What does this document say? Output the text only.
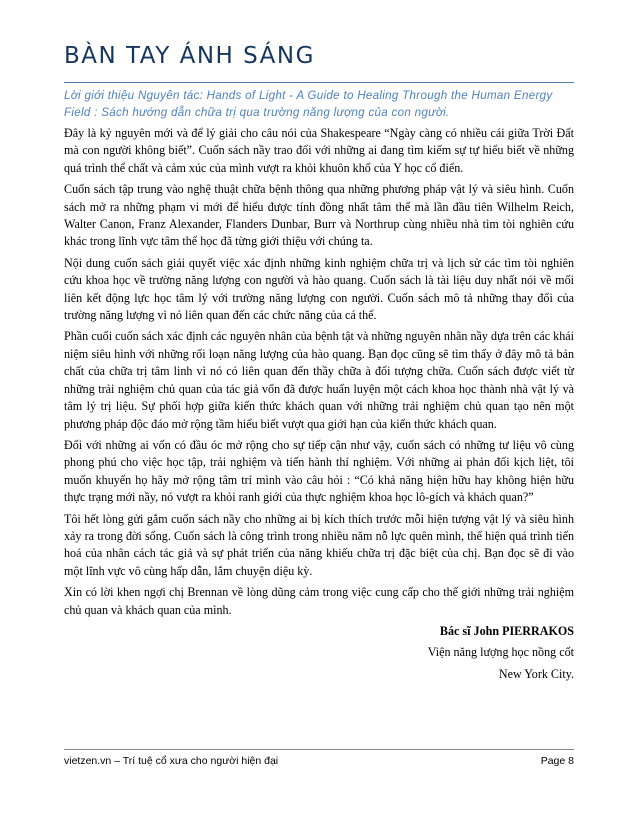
BÀN TAY ÁNH SÁNG
Lời giới thiệu Nguyên tác: Hands of Light - A Guide to Healing Through the Human Energy Field : Sách hướng dẫn chữa trị qua trường năng lượng của con người.

Đây là kỷ nguyên mới và để lý giải cho câu nói của Shakespeare “Ngày càng có nhiều cái giữa Trời Đất mà con người không biết”. Cuốn sách nầy trao đổi với những ai đang tìm kiếm sự tự hiểu biết về những quá trình thể chất và cảm xúc của mình vượt ra khỏi khuôn khổ của Y học cổ điển.

Cuốn sách tập trung vào nghệ thuật chữa bệnh thông qua những phương pháp vật lý và siêu hình. Cuốn sách mở ra những phạm vi mới để hiểu được tính đồng nhất tâm thể mà lần đầu tiên Wilhelm Reich, Walter Canon, Franz Alexander, Flanders Dunbar, Burr và Northrup cùng nhiều nhà tìm tòi nghiên cứu khác trong lĩnh vực tâm thể học đã từng giới thiệu với chúng ta.

Nội dung cuốn sách giải quyết việc xác định những kinh nghiệm chữa trị và lịch sử các tìm tòi nghiên cứu khoa học về trường năng lượng con người và hào quang. Cuốn sách là tài liệu duy nhất nói về mối liên kết động lực học tâm lý với trường năng lượng con người. Cuốn sách mô tả những thay đổi của trường năng lượng vì nó liên quan đến các chức năng của cá thể.

Phần cuối cuốn sách xác định các nguyên nhân của bệnh tật và những nguyên nhân nầy dựa trên các khái niệm siêu hình với những rối loạn năng lượng của hào quang. Bạn đọc cũng sẽ tìm thấy ở đây mô tả bản chất của chữa trị tâm linh vì nó có liên quan đến thầy chữa à đối tượng chữa. Cuốn sách được viết từ những trải nghiệm chủ quan của tác giả vốn đã được huấn luyện một cách khoa học thành nhà vật lý và tâm lý trị liệu. Sự phối hợp giữa kiến thức khách quan với những trải nghiệm chủ quan tạo nên một phương pháp độc đáo mở rộng tầm hiểu biết vượt qua giới hạn của kiến thức khách quan.

Đối với những ai vốn có đầu óc mở rộng cho sự tiếp cận như vậy, cuốn sách có những tư liệu vô cùng phong phú cho việc học tập, trải nghiệm và tiến hành thí nghiệm. Với những ai phản đối kịch liệt, tôi muốn khuyến họ hãy mở rộng tâm trí mình vào câu hỏi : “Có khả năng hiện hữu hay không hiện hữu thực trạng mới nầy, nó vượt ra khỏi ranh giới của thực nghiệm khoa học lô-gích và khách quan?”

Tôi hết lòng gửi gắm cuốn sách nầy cho những ai bị kích thích trước mỗi hiện tượng vật lý và siêu hình xảy ra trong đời sống. Cuốn sách là công trình trong nhiều năm nỗ lực quên mình, thể hiện quá trình tiến hoá của nhân cách tác giả và sự phát triển của năng khiếu chữa trị đặc biệt của chị. Bạn đọc sẽ đi vào một lĩnh vực vô cùng hấp dẫn, lắm chuyện diệu kỳ.

Xin có lời khen ngợi chị Brennan về lòng dũng cảm trong việc cung cấp cho thế giới những trải nghiệm chủ quan và khách quan của mình.

Bác sĩ John PIERRAKOS

Viện năng lượng học nồng cốt

New York City.

vietzen.vn – Trí tuệ cổ xưa cho người hiện đại	Page 8
